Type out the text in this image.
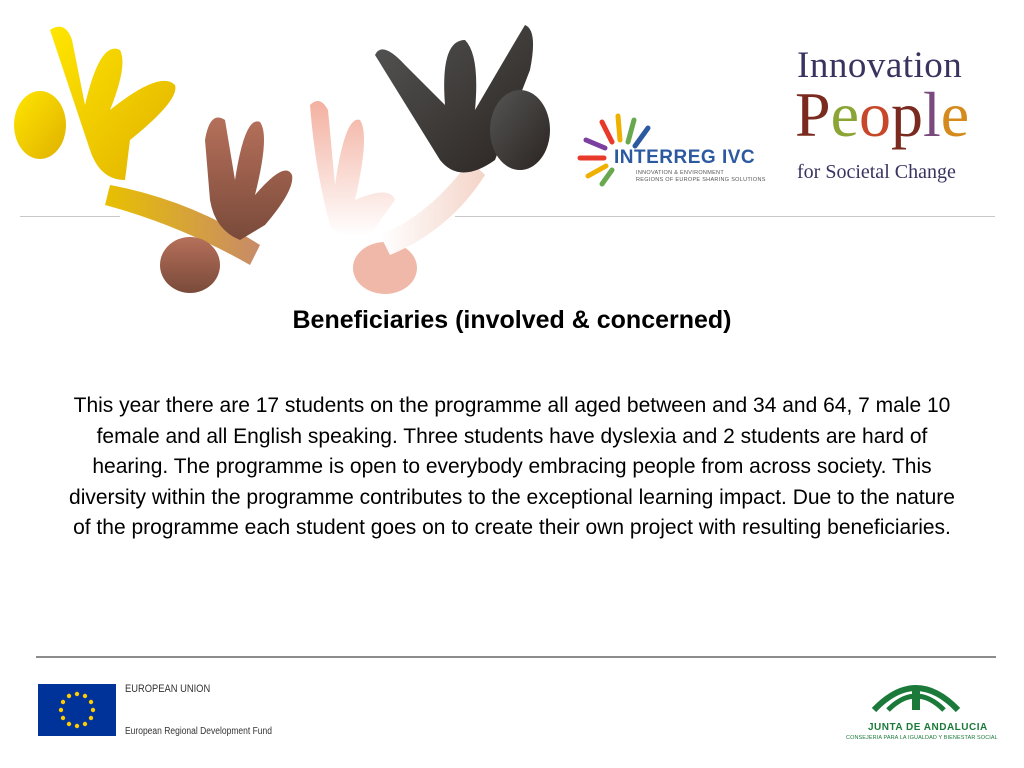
INTERREG IVC
INNOVATION & ENVIRONMENT
REGIONS OF EUROPE SHARING SOLUTIONS
Innovation
People
for Societal Change
Beneficiaries (involved & concerned)
This year there are 17 students on the programme all aged between and 34 and 64, 7 male 10 female and all English speaking. Three students have dyslexia and 2 students are hard of hearing. The programme is open to everybody embracing people from across society. This diversity within the programme contributes to the exceptional learning impact. Due to the nature of the programme each student goes on to create their own project with resulting beneficiaries.
EUROPEAN UNION
European Regional Development Fund	JUNTA DE ANDALUCIA
CONSEJERIA PARA LA IGUALDAD Y BIENESTAR SOCIAL
